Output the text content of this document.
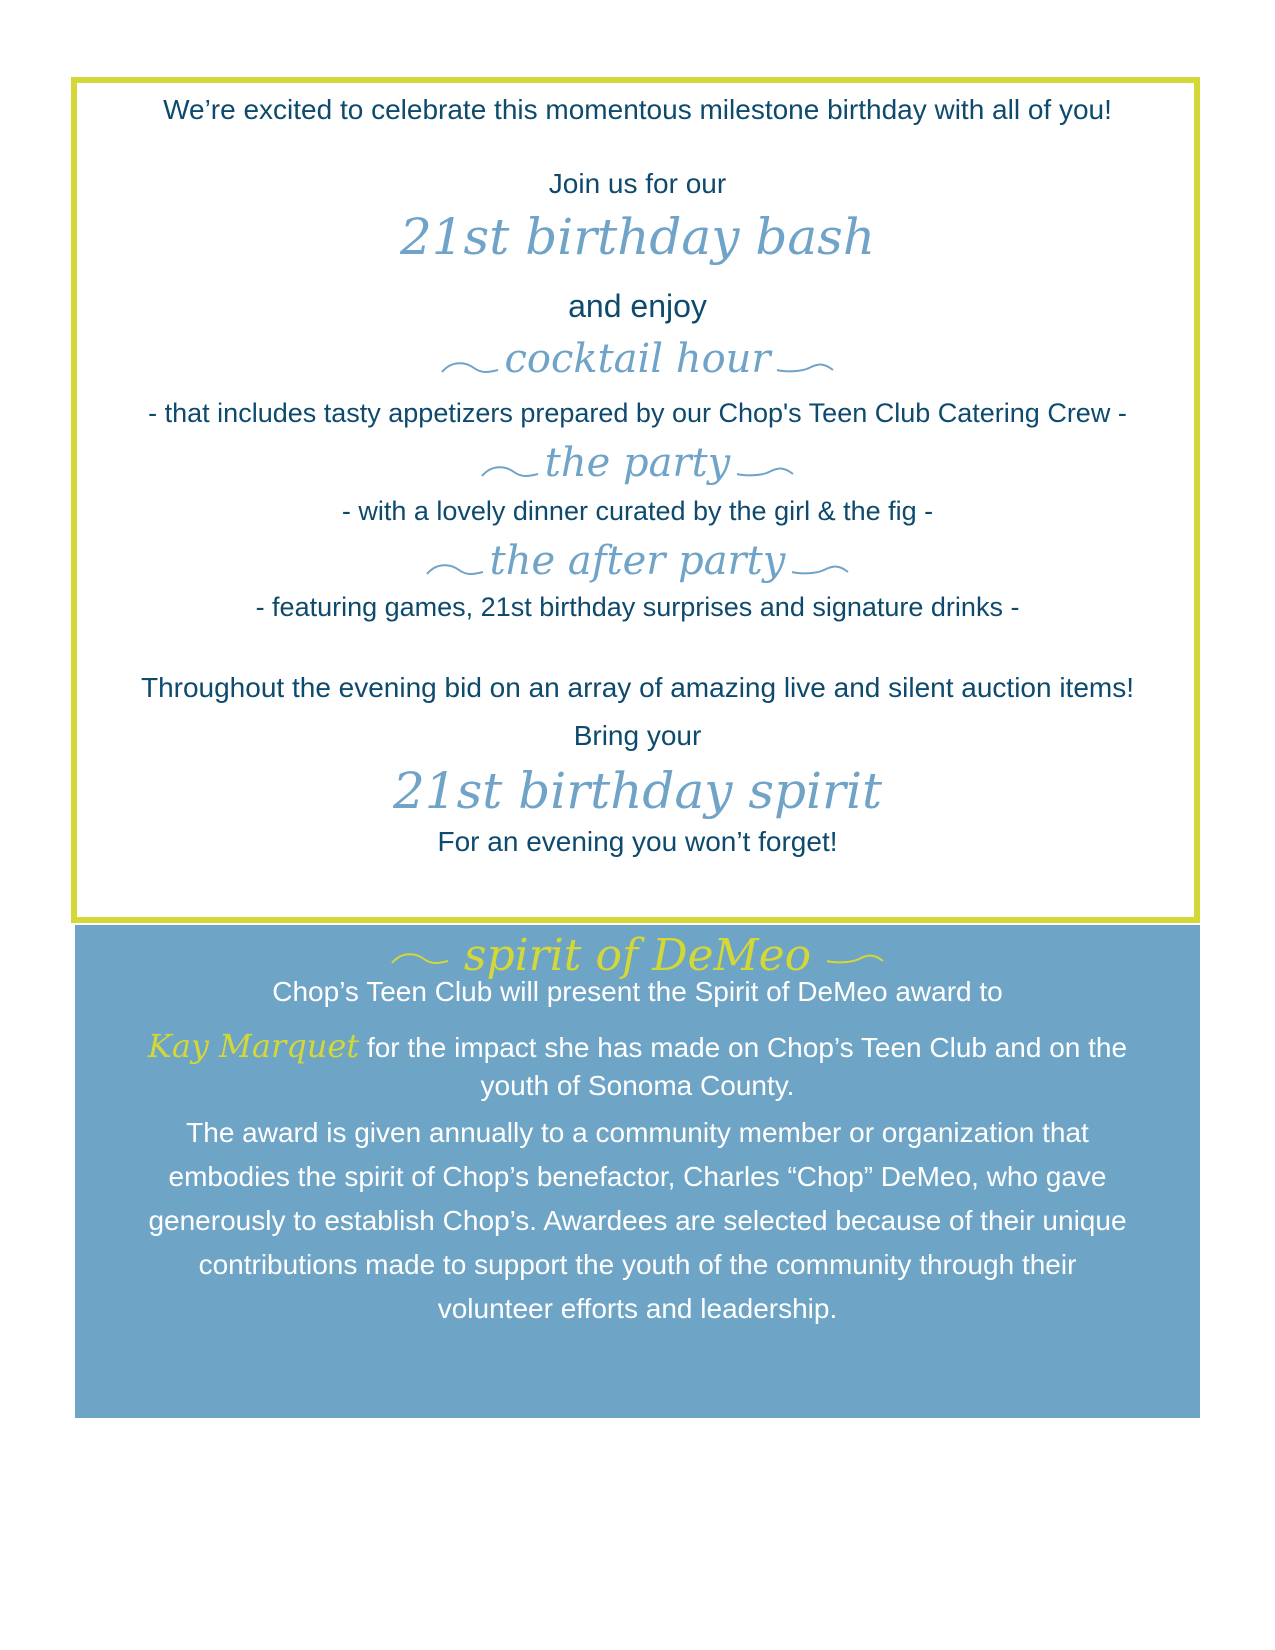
We’re excited to celebrate this momentous milestone birthday with all of you!

Join us for our

21st birthday bash

and enjoy

cocktail hour

- that includes tasty appetizers prepared by our Chop's Teen Club Catering Crew -

the party

- with a lovely dinner curated by the girl & the fig -

the after party

- featuring games, 21st birthday surprises and signature drinks -

Throughout the evening bid on an array of amazing live and silent auction items!

Bring your

21st birthday spirit

For an evening you won’t forget!

spirit of DeMeo

Chop’s Teen Club will present the Spirit of DeMeo award to

Kay Marquet for the impact she has made on Chop’s Teen Club and on the

youth of Sonoma County.

The award is given annually to a community member or organization that

embodies the spirit of Chop’s benefactor, Charles “Chop” DeMeo, who gave

generously to establish Chop’s. Awardees are selected because of their unique

contributions made to support the youth of the community through their

volunteer efforts and leadership.
